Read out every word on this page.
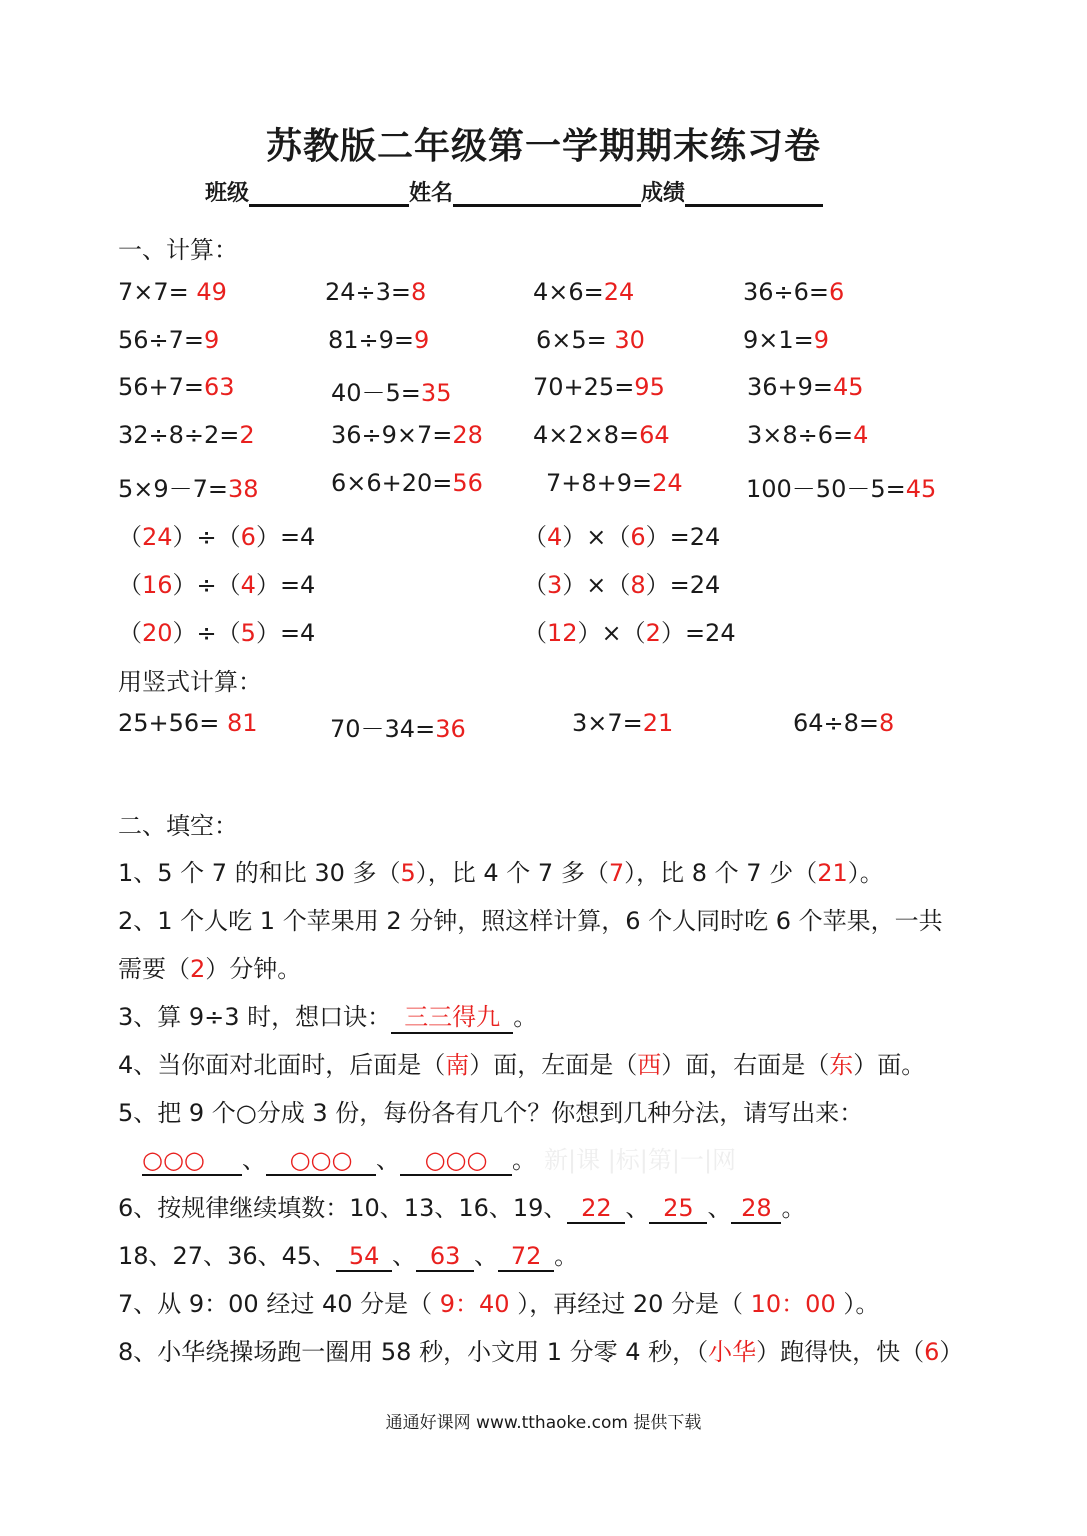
苏教版二年级第一学期期末练习卷
班级	姓名	成绩
一、计算：
7×7= 49	24÷3=8	4×6=24	36÷6=6
56÷7=9	81÷9=9	6×5= 30	9×1=9
56+7=63	40－5=35	70+25=95	36+9=45
32÷8÷2=2	36÷9×7=28 4×2×8=64	3×8÷6=4
5×9－7=38	6×6+20=56	7+8+9=24	100－50－5=45
（24）÷（6）=4	（4）×（6）=24
（16）÷（4）=4	（3）×（8）=24
（20）÷（5）=4	（12）×（2）=24
用竖式计算：
25+56= 81	70－34=36	3×7=21	64÷8=8
二、填空：
1、5 个 7 的和比 30 多（5），比 4 个 7 多（7），比 8 个 7 少（21）。
2、1 个人吃 1 个苹果用 2 分钟，照这样计算，6 个人同时吃 6 个苹果，一共
需要（2）分钟。
3、算 9÷3 时，想口诀： 三三得九 。
4、当你面对北面时，后面是（南）面，左面是（西）面，右面是（东）面。
5、把 9 个○分成 3 份，每份各有几个？你想到几种分法，请写出来：
○○○ 、 ○○○ 、 ○○○ 。 新|课 |标|第|一|网
6、按规律继续填数：10、13、16、19、 22 、 25 、 28 。
18、27、36、45、 54 、 63 、 72 。
7、从 9：00 经过 40 分是（ 9：40 ），再经过 20 分是（ 10：00 ）。
8、小华绕操场跑一圈用 58 秒，小文用 1 分零 4 秒，（小华）跑得快，快（6）
通通好课网 www.tthaoke.com 提供下载
